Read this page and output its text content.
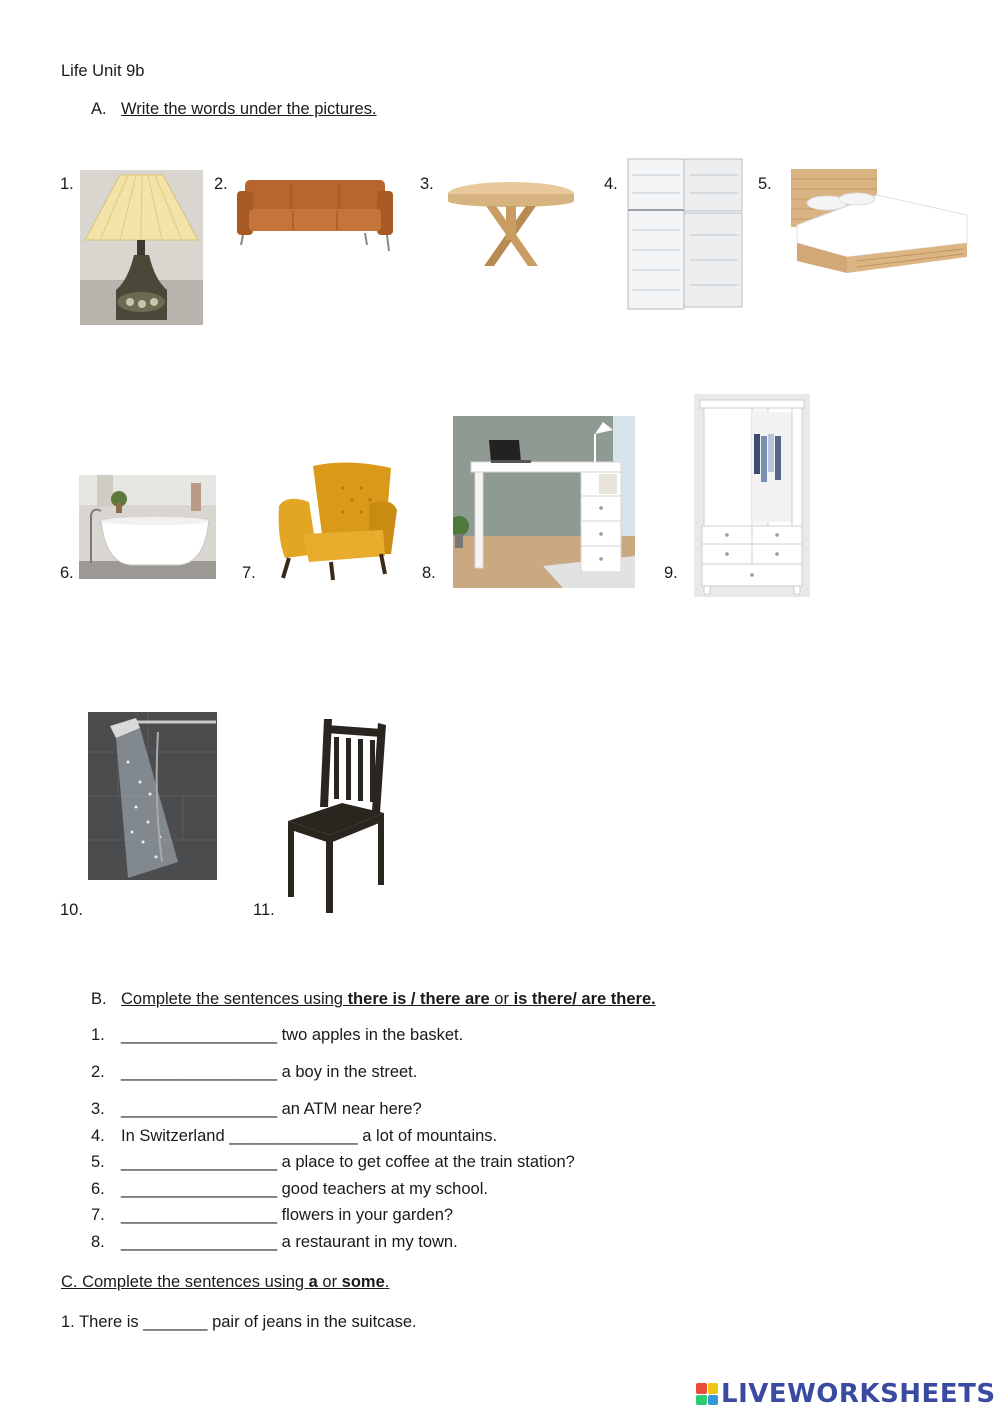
Life Unit 9b
A. Write the words under the pictures.
1.	2.	3.	4.	5.
6.	7.	8.	9.
10.	11.
B. Complete the sentences using there is / there are or is there/ are there.
1. _________________ two apples in the basket.
2. _________________ a boy in the street.
3. _________________ an ATM near here?
4. In Switzerland ______________ a lot of mountains.
5. _________________ a place to get coffee at the train station?
6. _________________ good teachers at my school.
7. _________________ flowers in your garden?
8. _________________ a restaurant in my town.
C. Complete the sentences using a or some.
1. There is _______ pair of jeans in the suitcase.
LIVEWORKSHEETS
